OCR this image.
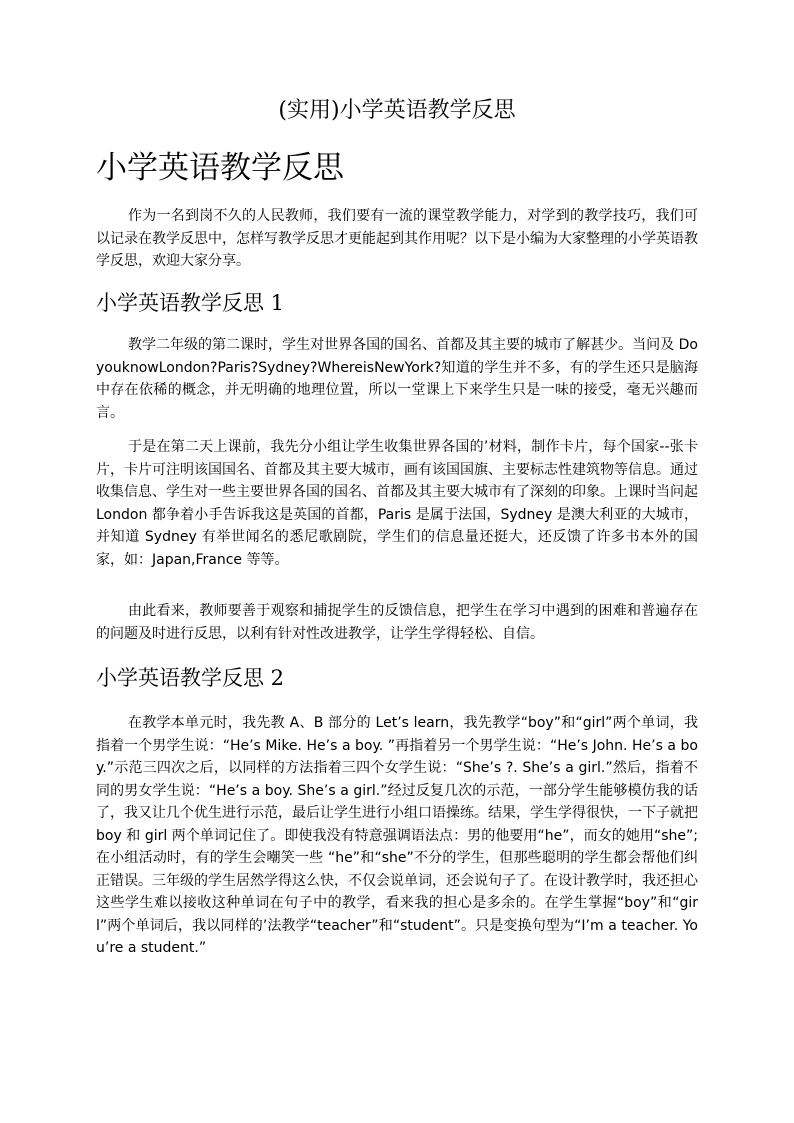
(实用)小学英语教学反思
小学英语教学反思

作为一名到岗不久的人民教师，我们要有一流的课堂教学能力，对学到的教学技巧，我们可以记录在教学反思中，怎样写教学反思才更能起到其作用呢？以下是小编为大家整理的小学英语教学反思，欢迎大家分享。

小学英语教学反思 1

教学二年级的第二课时，学生对世界各国的国名、首都及其主要的城市了解甚少。当问及 DoyouknowLondon?Paris?Sydney?WhereisNewYork?知道的学生并不多，有的学生还只是脑海中存在依稀的概念，并无明确的地理位置，所以一堂课上下来学生只是一味的接受，毫无兴趣而言。

于是在第二天上课前，我先分小组让学生收集世界各国的’材料，制作卡片，每个国家--张卡片，卡片可注明该国国名、首都及其主要大城市，画有该国国旗、主要标志性建筑物等信息。通过收集信息、学生对一些主要世界各国的国名、首都及其主要大城市有了深刻的印象。上课时当问起 London 都争着小手告诉我这是英国的首都，Paris 是属于法国，Sydney 是澳大利亚的大城市，并知道 Sydney 有举世闻名的悉尼歌剧院，学生们的信息量还挺大，还反馈了许多书本外的国家，如：Japan,France 等等。

由此看来，教师要善于观察和捕捉学生的反馈信息，把学生在学习中遇到的困难和普遍存在的问题及时进行反思，以利有针对性改进教学，让学生学得轻松、自信。

小学英语教学反思 2

在教学本单元时，我先教 A、B 部分的 Let’s learn，我先教学“boy”和“girl”两个单词，我指着一个男学生说：“He’s Mike. He’s a boy. ”再指着另一个男学生说：“He’s John. He’s a boy.”示范三四次之后，以同样的方法指着三四个女学生说：“She’s ?. She’s a girl.”然后，指着不同的男女学生说：“He’s a boy. She’s a girl.”经过反复几次的示范，一部分学生能够模仿我的话了，我又让几个优生进行示范，最后让学生进行小组口语操练。结果，学生学得很快，一下子就把 boy 和 girl 两个单词记住了。即使我没有特意强调语法点：男的他要用“he”，而女的她用“she”;在小组活动时，有的学生会嘲笑一些 “he”和“she”不分的学生，但那些聪明的学生都会帮他们纠正错误。三年级的学生居然学得这么快，不仅会说单词，还会说句子了。在设计教学时，我还担心这些学生难以接收这种单词在句子中的教学，看来我的担心是多余的。在学生掌握“boy”和“girl”两个单词后，我以同样的’法教学“teacher”和“student”。只是变换句型为“I’m a teacher. You’re a student.”
